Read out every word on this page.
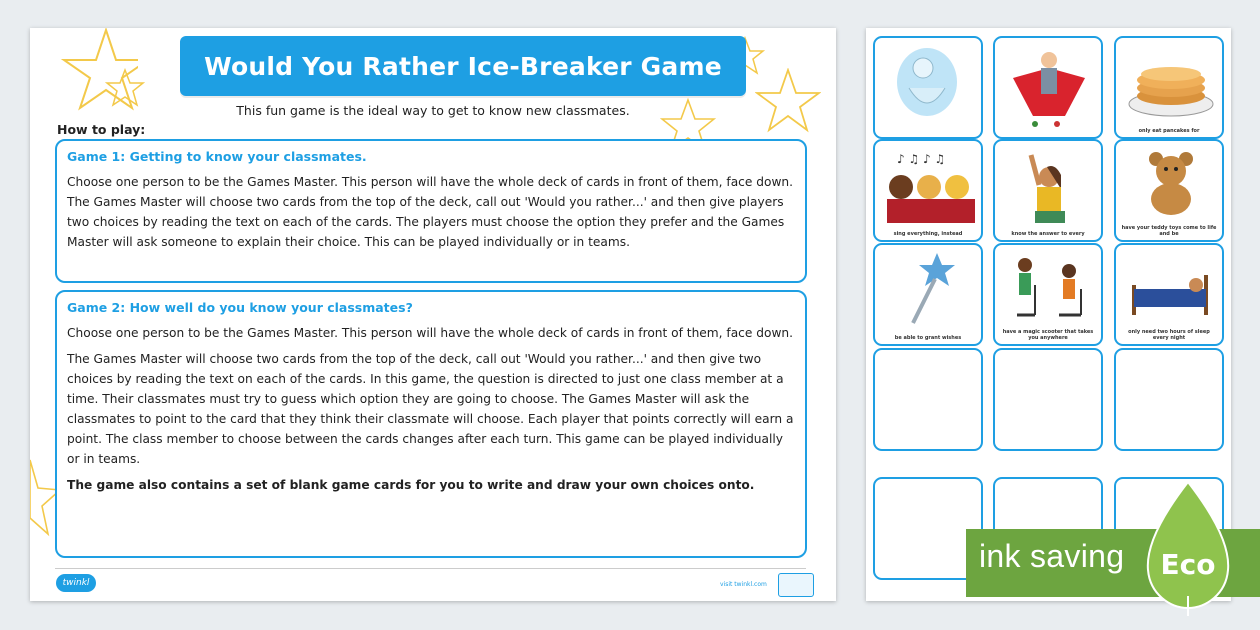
Would You Rather Ice-Breaker Game
This fun game is the ideal way to get to know new classmates.
How to play:
Game 1: Getting to know your classmates.

Choose one person to be the Games Master. This person will have the whole deck of cards in front of them, face down. The Games Master will choose two cards from the top of the deck, call out 'Would you rather...' and then give players two choices by reading the text on each of the cards. The players must choose the option they prefer and the Games Master will ask someone to explain their choice. This can be played individually or in teams.

Game 2: How well do you know your classmates?

Choose one person to be the Games Master. This person will have the whole deck of cards in front of them, face down.

The Games Master will choose two cards from the top of the deck, call out 'Would you rather...' and then give two choices by reading the text on each of the cards. In this game, the question is directed to just one class member at a time. Their classmates must try to guess which option they are going to choose. The Games Master will ask the classmates to point to the card that they think their classmate will choose. Each player that points correctly will earn a point. The class member to choose between the cards changes after each turn. This game can be played individually or in teams.

The game also contains a set of blank game cards for you to write and draw your own choices onto.

twinkl	visit twinkl.com
only eat pancakes for
♪ ♫ ♪ ♫
sing everything, instead	know the answer to every
have your teddy toys come to life and be
be able to grant wishes
have a magic scooter that takes you anywhere
only need two hours of sleep every night
ink saving Eco
